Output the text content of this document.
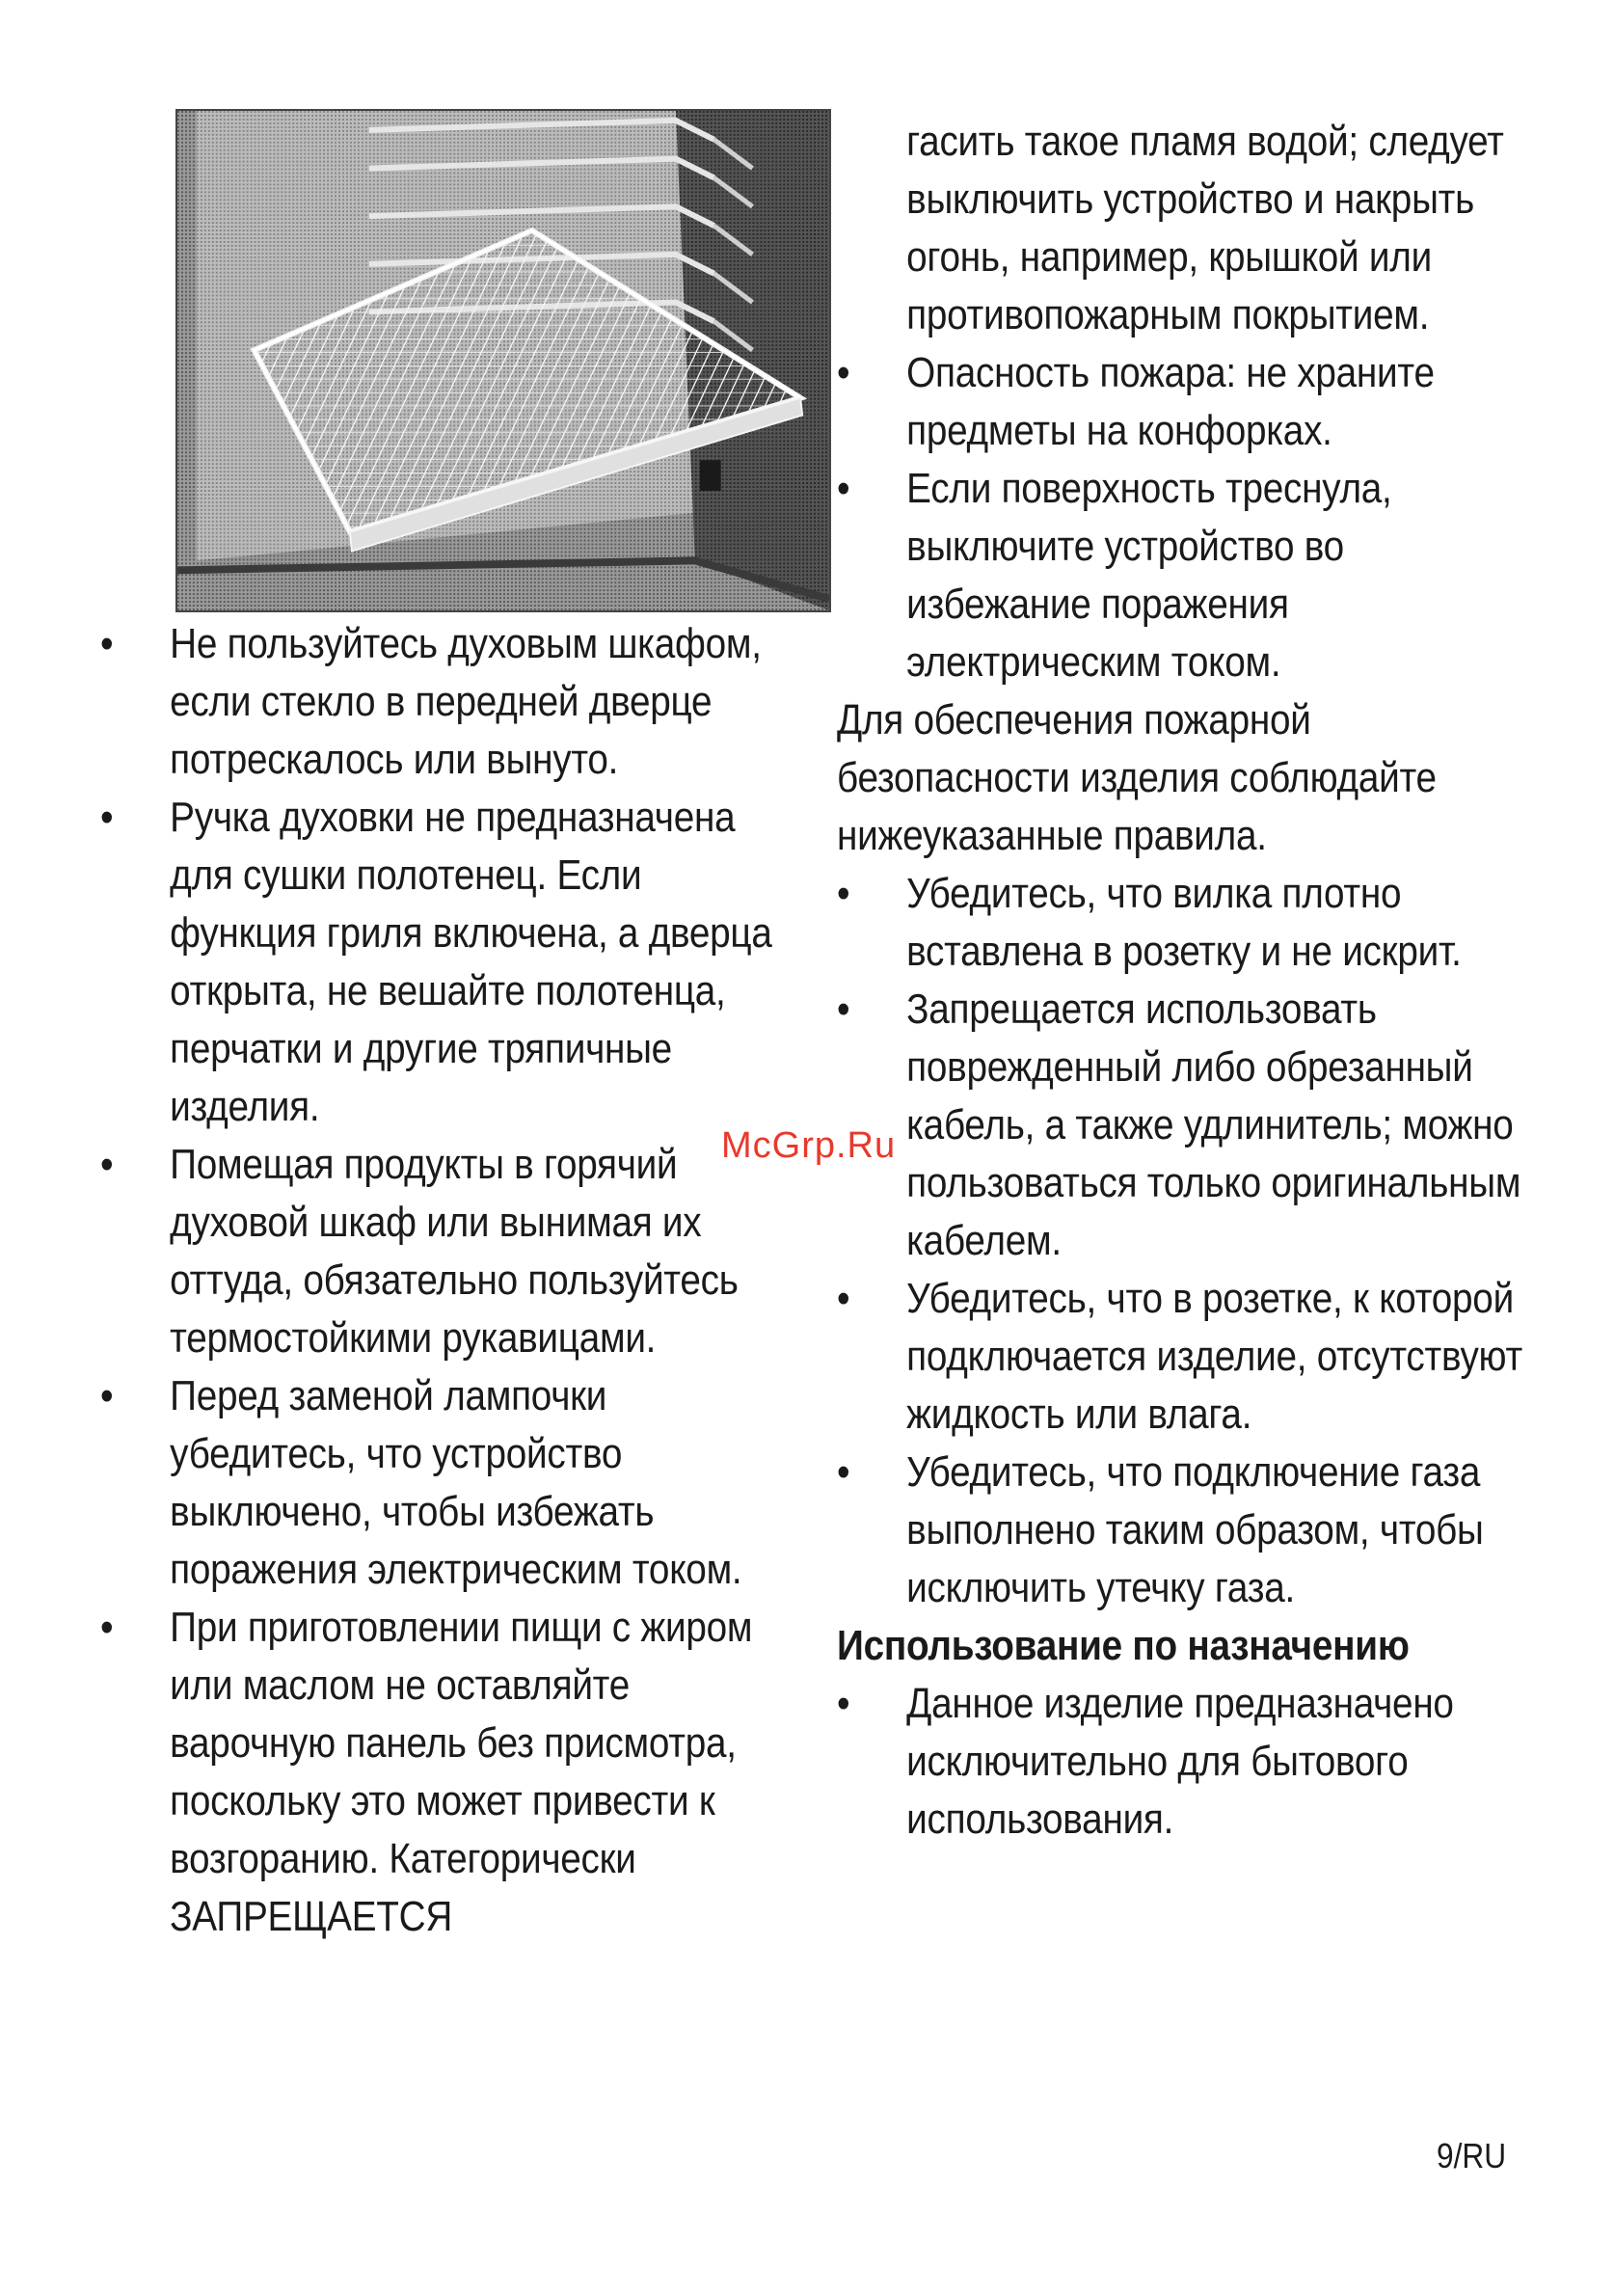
• Не пользуйтесь духовым шкафом, если стекло в передней дверце потрескалось или вынуто.
• Ручка духовки не предназначена для сушки полотенец. Если функция гриля включена, а дверца открыта, не вешайте полотенца, перчатки и другие тряпичные изделия.
• Помещая продукты в горячий духовой шкаф или вынимая их оттуда, обязательно пользуйтесь термостойкими рукавицами.
• Перед заменой лампочки убедитесь, что устройство выключено, чтобы избежать поражения электрическим током.
• При приготовлении пищи с жиром или маслом не оставляйте варочную панель без присмотра, поскольку это может привести к возгоранию. Категорически ЗАПРЕЩАЕТСЯ

гасить такое пламя водой; следует выключить устройство и накрыть огонь, например, крышкой или противопожарным покрытием.

• Опасность пожара: не храните предметы на конфорках.
• Если поверхность треснула, выключите устройство во избежание поражения электрическим током.

Для обеспечения пожарной безопасности изделия соблюдайте нижеуказанные правила.

• Убедитесь, что вилка плотно вставлена в розетку и не искрит.
• Запрещается использовать поврежденный либо обрезанный кабель, а также удлинитель; можно пользоваться только оригинальным кабелем.
• Убедитесь, что в розетке, к которой подключается изделие, отсутствуют жидкость или влага.
• Убедитесь, что подключение газа выполнено таким образом, чтобы исключить утечку газа.

Использование по назначению

• Данное изделие предназначено исключительно для бытового использования.
McGrp.Ru
9/RU
